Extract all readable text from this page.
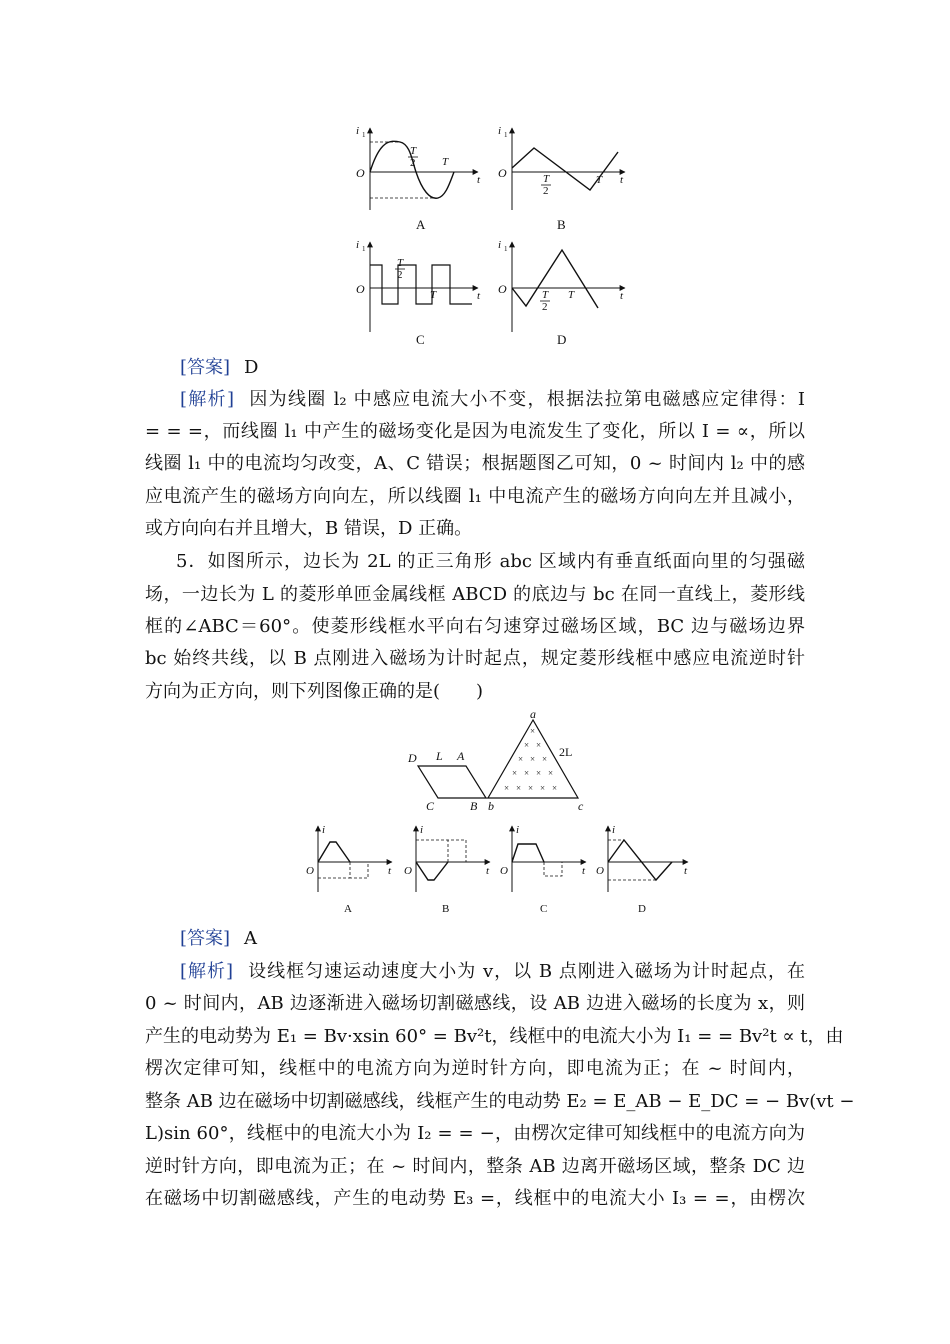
i 1
O	t
T
2 T
A
i 1
O	t
T
2
T
B
i 1
O	t
T
2
T
C
i 1
O	t
T
2
T
D
[答案] D
[解析] 因为线圈 l₂ 中感应电流大小不变，根据法拉第电磁感应定律得：I
= = =，而线圈 l₁ 中产生的磁场变化是因为电流发生了变化，所以 I = ∝，所以
线圈 l₁ 中的电流均匀改变，A、C 错误；根据题图乙可知，0 ~ 时间内 l₂ 中的感
应电流产生的磁场方向向左，所以线圈 l₁ 中电流产生的磁场方向向左并且减小，
或方向向右并且增大，B 错误，D 正确。
5．如图所示，边长为 2L 的正三角形 abc 区域内有垂直纸面向里的匀强磁
场，一边长为 L 的菱形单匝金属线框 ABCD 的底边与 bc 在同一直线上，菱形线
框的∠ABC＝60°。使菱形线框水平向右匀速穿过磁场区域，BC 边与磁场边界
bc 始终共线，以 B 点刚进入磁场为计时起点，规定菱形线框中感应电流逆时针
方向为正方向，则下列图像正确的是(　　)
D L A
C	B
a
b	c
2L
×
× ×
× × ×
× × × ×
× × × × ×
i
O	t
A
i
O	t
B
i
O	t
C
i
O	t
D
[答案] A
[解析] 设线框匀速运动速度大小为 v，以 B 点刚进入磁场为计时起点，在
0 ~ 时间内，AB 边逐渐进入磁场切割磁感线，设 AB 边进入磁场的长度为 x，则
产生的电动势为 E₁ = Bv·xsin 60° = Bv²t，线框中的电流大小为 I₁ = = Bv²t ∝ t，由
楞次定律可知，线框中的电流方向为逆时针方向，即电流为正；在 ~ 时间内，
整条 AB 边在磁场中切割磁感线，线框产生的电动势 E₂ = E_AB − E_DC = − Bv(vt −
L)sin 60°，线框中的电流大小为 I₂ = = −，由楞次定律可知线框中的电流方向为
逆时针方向，即电流为正；在 ~ 时间内，整条 AB 边离开磁场区域，整条 DC 边
在磁场中切割磁感线，产生的电动势 E₃ =，线框中的电流大小 I₃ = =，由楞次
